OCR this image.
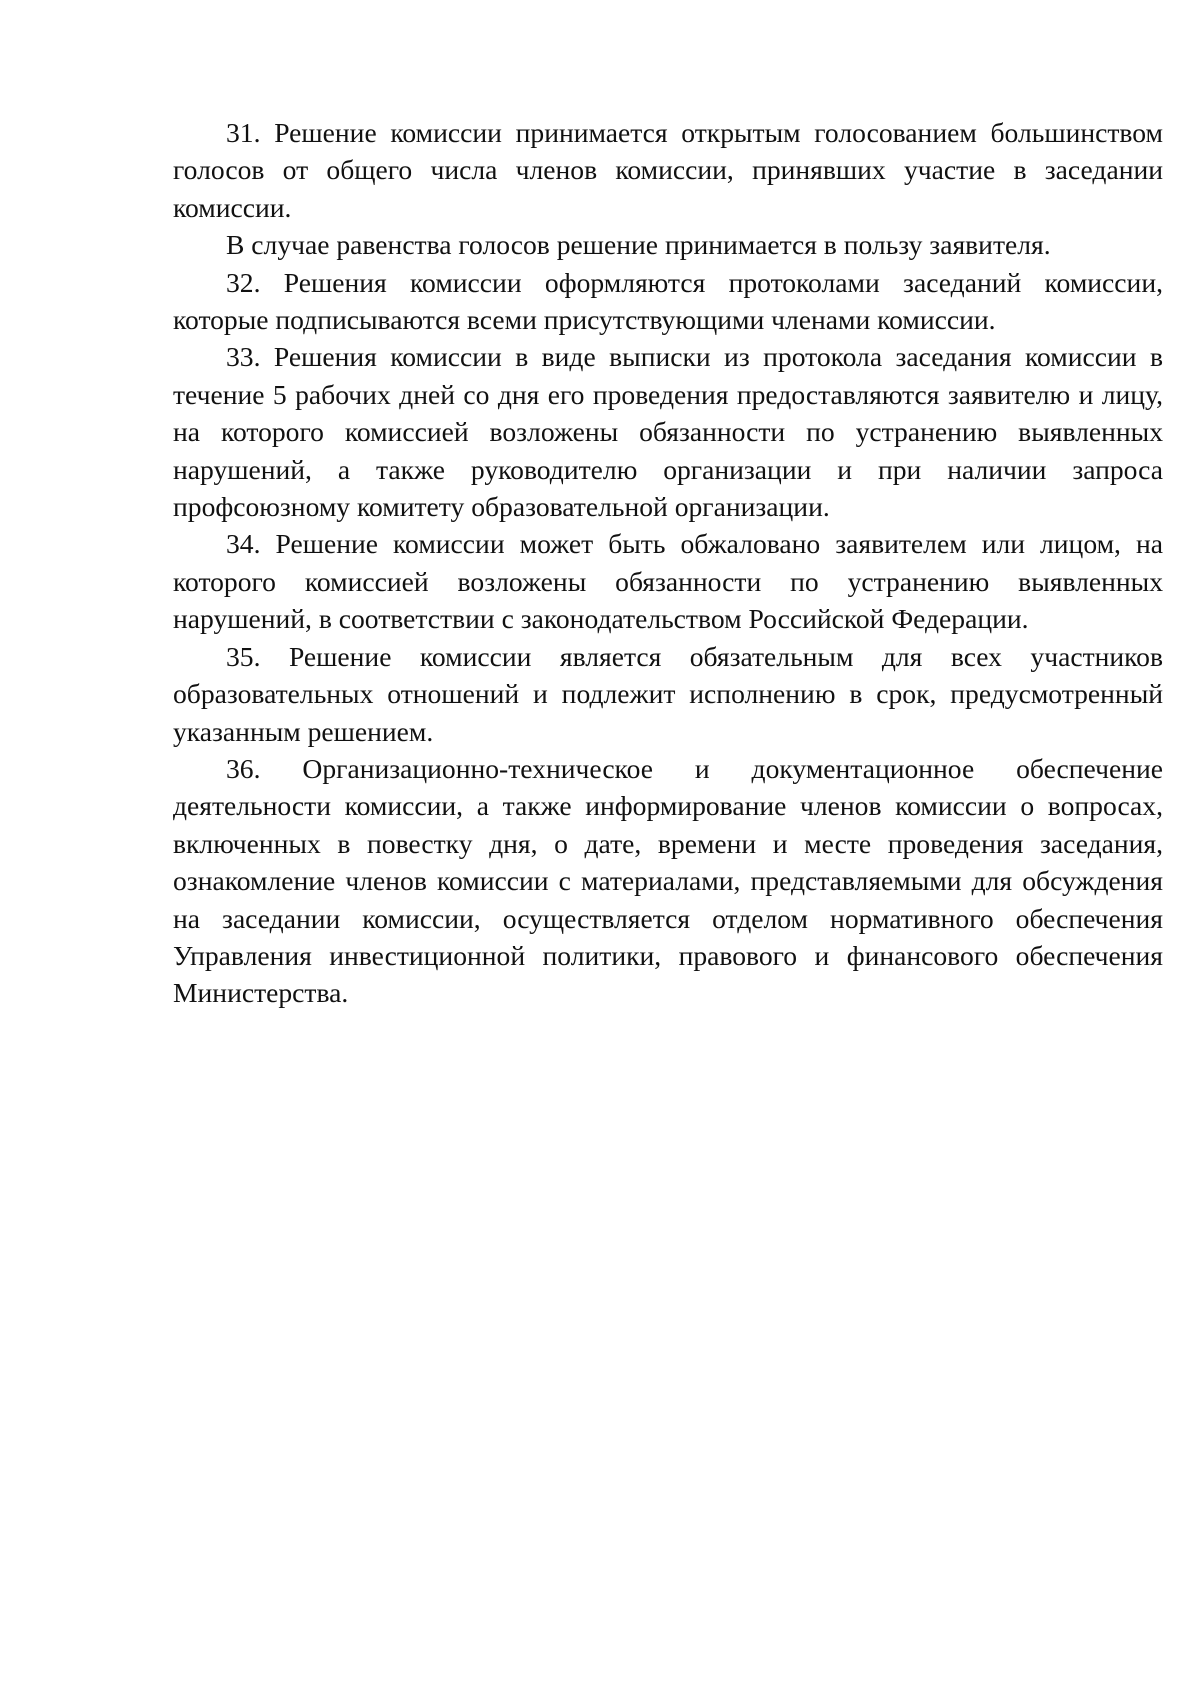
31. Решение комиссии принимается открытым голосованием большинством голосов от общего числа членов комиссии, принявших участие в заседании комиссии.

В случае равенства голосов решение принимается в пользу заявителя.

32. Решения комиссии оформляются протоколами заседаний комиссии, которые подписываются всеми присутствующими членами комиссии.

33. Решения комиссии в виде выписки из протокола заседания комиссии в течение 5 рабочих дней со дня его проведения предоставляются заявителю и лицу, на которого комиссией возложены обязанности по устранению выявленных нарушений, а также руководителю организации и при наличии запроса профсоюзному комитету образовательной организации.

34. Решение комиссии может быть обжаловано заявителем или лицом, на которого комиссией возложены обязанности по устранению выявленных нарушений, в соответствии с законодательством Российской Федерации.

35. Решение комиссии является обязательным для всех участников образовательных отношений и подлежит исполнению в срок, предусмотренный указанным решением.

36. Организационно-техническое и документационное обеспечение деятельности комиссии, а также информирование членов комиссии о вопросах, включенных в повестку дня, о дате, времени и месте проведения заседания, ознакомление членов комиссии с материалами, представляемыми для обсуждения на заседании комиссии, осуществляется отделом нормативного обеспечения Управления инвестиционной политики, правового и финансового обеспечения Министерства.
